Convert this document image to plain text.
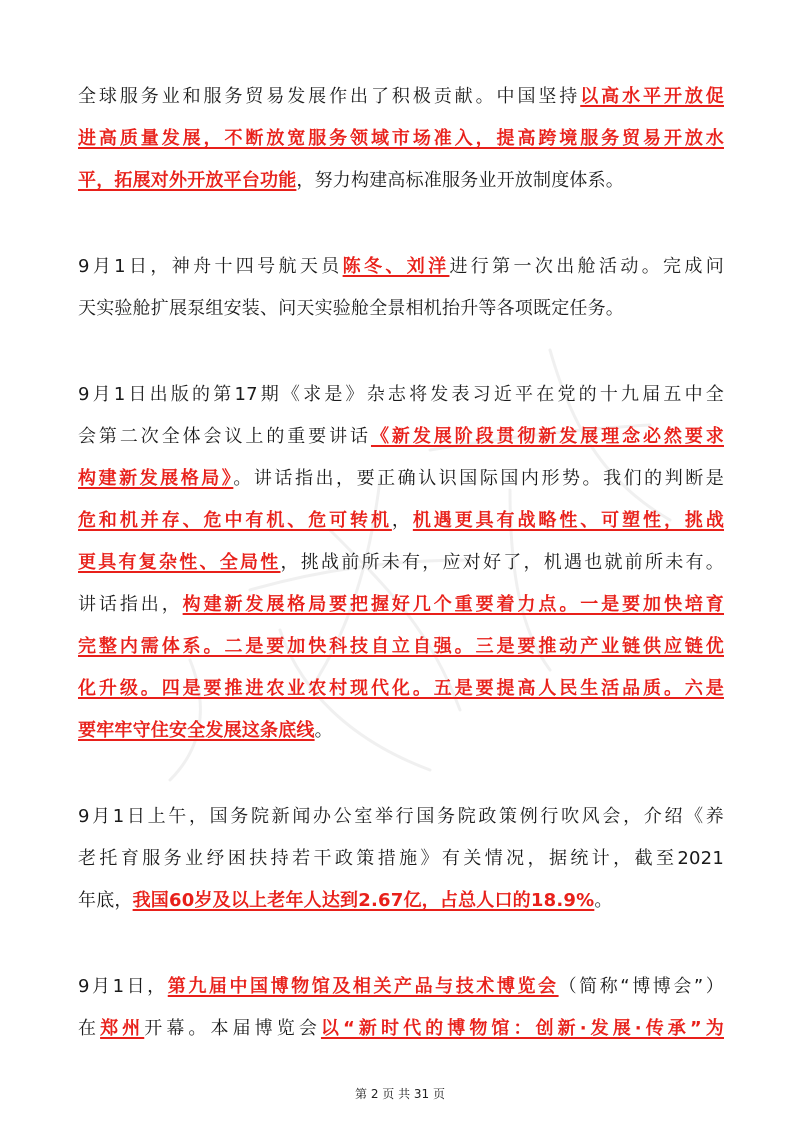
全球服务业和服务贸易发展作出了积极贡献。中国坚持以高水平开放促
进高质量发展，不断放宽服务领域市场准入，提高跨境服务贸易开放水
平，拓展对外开放平台功能，努力构建高标准服务业开放制度体系。
9月1日，神舟十四号航天员陈冬、刘洋进行第一次出舱活动。完成问
天实验舱扩展泵组安装、问天实验舱全景相机抬升等各项既定任务。
9月1日出版的第17期《求是》杂志将发表习近平在党的十九届五中全
会第二次全体会议上的重要讲话《新发展阶段贯彻新发展理念必然要求
构建新发展格局》。讲话指出，要正确认识国际国内形势。我们的判断是
危和机并存、危中有机、危可转机，机遇更具有战略性、可塑性，挑战
更具有复杂性、全局性，挑战前所未有，应对好了，机遇也就前所未有。
讲话指出，构建新发展格局要把握好几个重要着力点。一是要加快培育
完整内需体系。二是要加快科技自立自强。三是要推动产业链供应链优
化升级。四是要推进农业农村现代化。五是要提高人民生活品质。六是
要牢牢守住安全发展这条底线。
9月1日上午，国务院新闻办公室举行国务院政策例行吹风会，介绍《养
老托育服务业纾困扶持若干政策措施》有关情况，据统计，截至2021
年底，我国60岁及以上老年人达到2.67亿，占总人口的18.9%。
9月1日，第九届中国博物馆及相关产品与技术博览会（简称“博博会”）
在郑州开幕。本届博览会以“新时代的博物馆：创新·发展·传承”为
第 2 页 共 31 页
